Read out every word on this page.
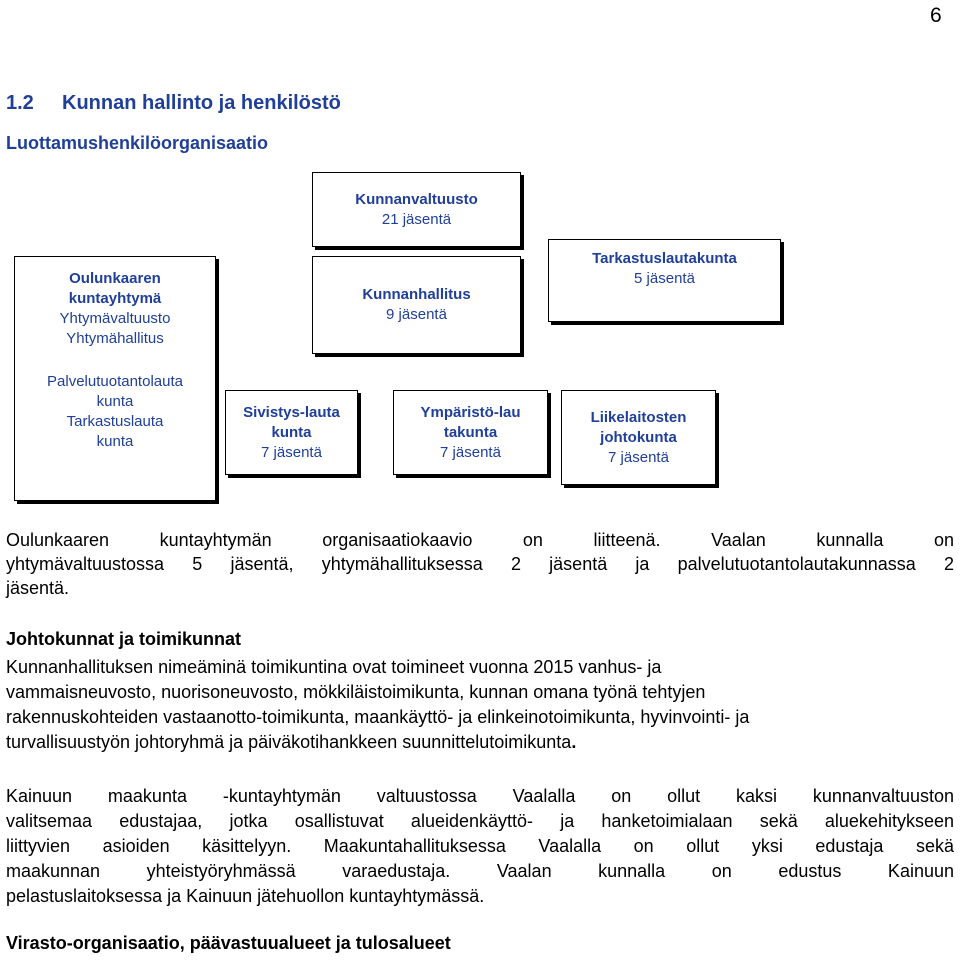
6
1.2 Kunnan hallinto ja henkilöstö
Luottamushenkilöorganisaatio
Kunnanvaltuusto
21 jäsentä
Kunnanhallitus
9 jäsentä
Tarkastuslautakunta
5 jäsentä
Oulunkaaren
kuntayhtymä
Yhtymävaltuusto
Yhtymähallitus
Palvelutuotantolauta
kunta
Tarkastuslauta
kunta
Sivistys-lauta
kunta
7 jäsentä
Ympäristö-lau
takunta
7 jäsentä
Liikelaitosten
johtokunta
7 jäsentä
Oulunkaaren kuntayhtymän organisaatiokaavio on liitteenä. Vaalan kunnalla on
yhtymävaltuustossa 5 jäsentä, yhtymähallituksessa 2 jäsentä ja palvelutuotantolautakunnassa 2
jäsentä.
Johtokunnat ja toimikunnat
Kunnanhallituksen nimeäminä toimikuntina ovat toimineet vuonna 2015 vanhus- ja
vammaisneuvosto, nuorisoneuvosto, mökkiläistoimikunta, kunnan omana työnä tehtyjen
rakennuskohteiden vastaanotto-toimikunta, maankäyttö- ja elinkeinotoimikunta, hyvinvointi- ja
turvallisuustyön johtoryhmä ja päiväkotihankkeen suunnittelutoimikunta.
Kainuun maakunta -kuntayhtymän valtuustossa Vaalalla on ollut kaksi kunnanvaltuuston
valitsemaa edustajaa, jotka osallistuvat alueidenkäyttö- ja hanketoimialaan sekä aluekehitykseen
liittyvien asioiden käsittelyyn. Maakuntahallituksessa Vaalalla on ollut yksi edustaja sekä
maakunnan yhteistyöryhmässä varaedustaja. Vaalan kunnalla on edustus Kainuun
pelastuslaitoksessa ja Kainuun jätehuollon kuntayhtymässä.
Virasto-organisaatio, päävastuualueet ja tulosalueet
